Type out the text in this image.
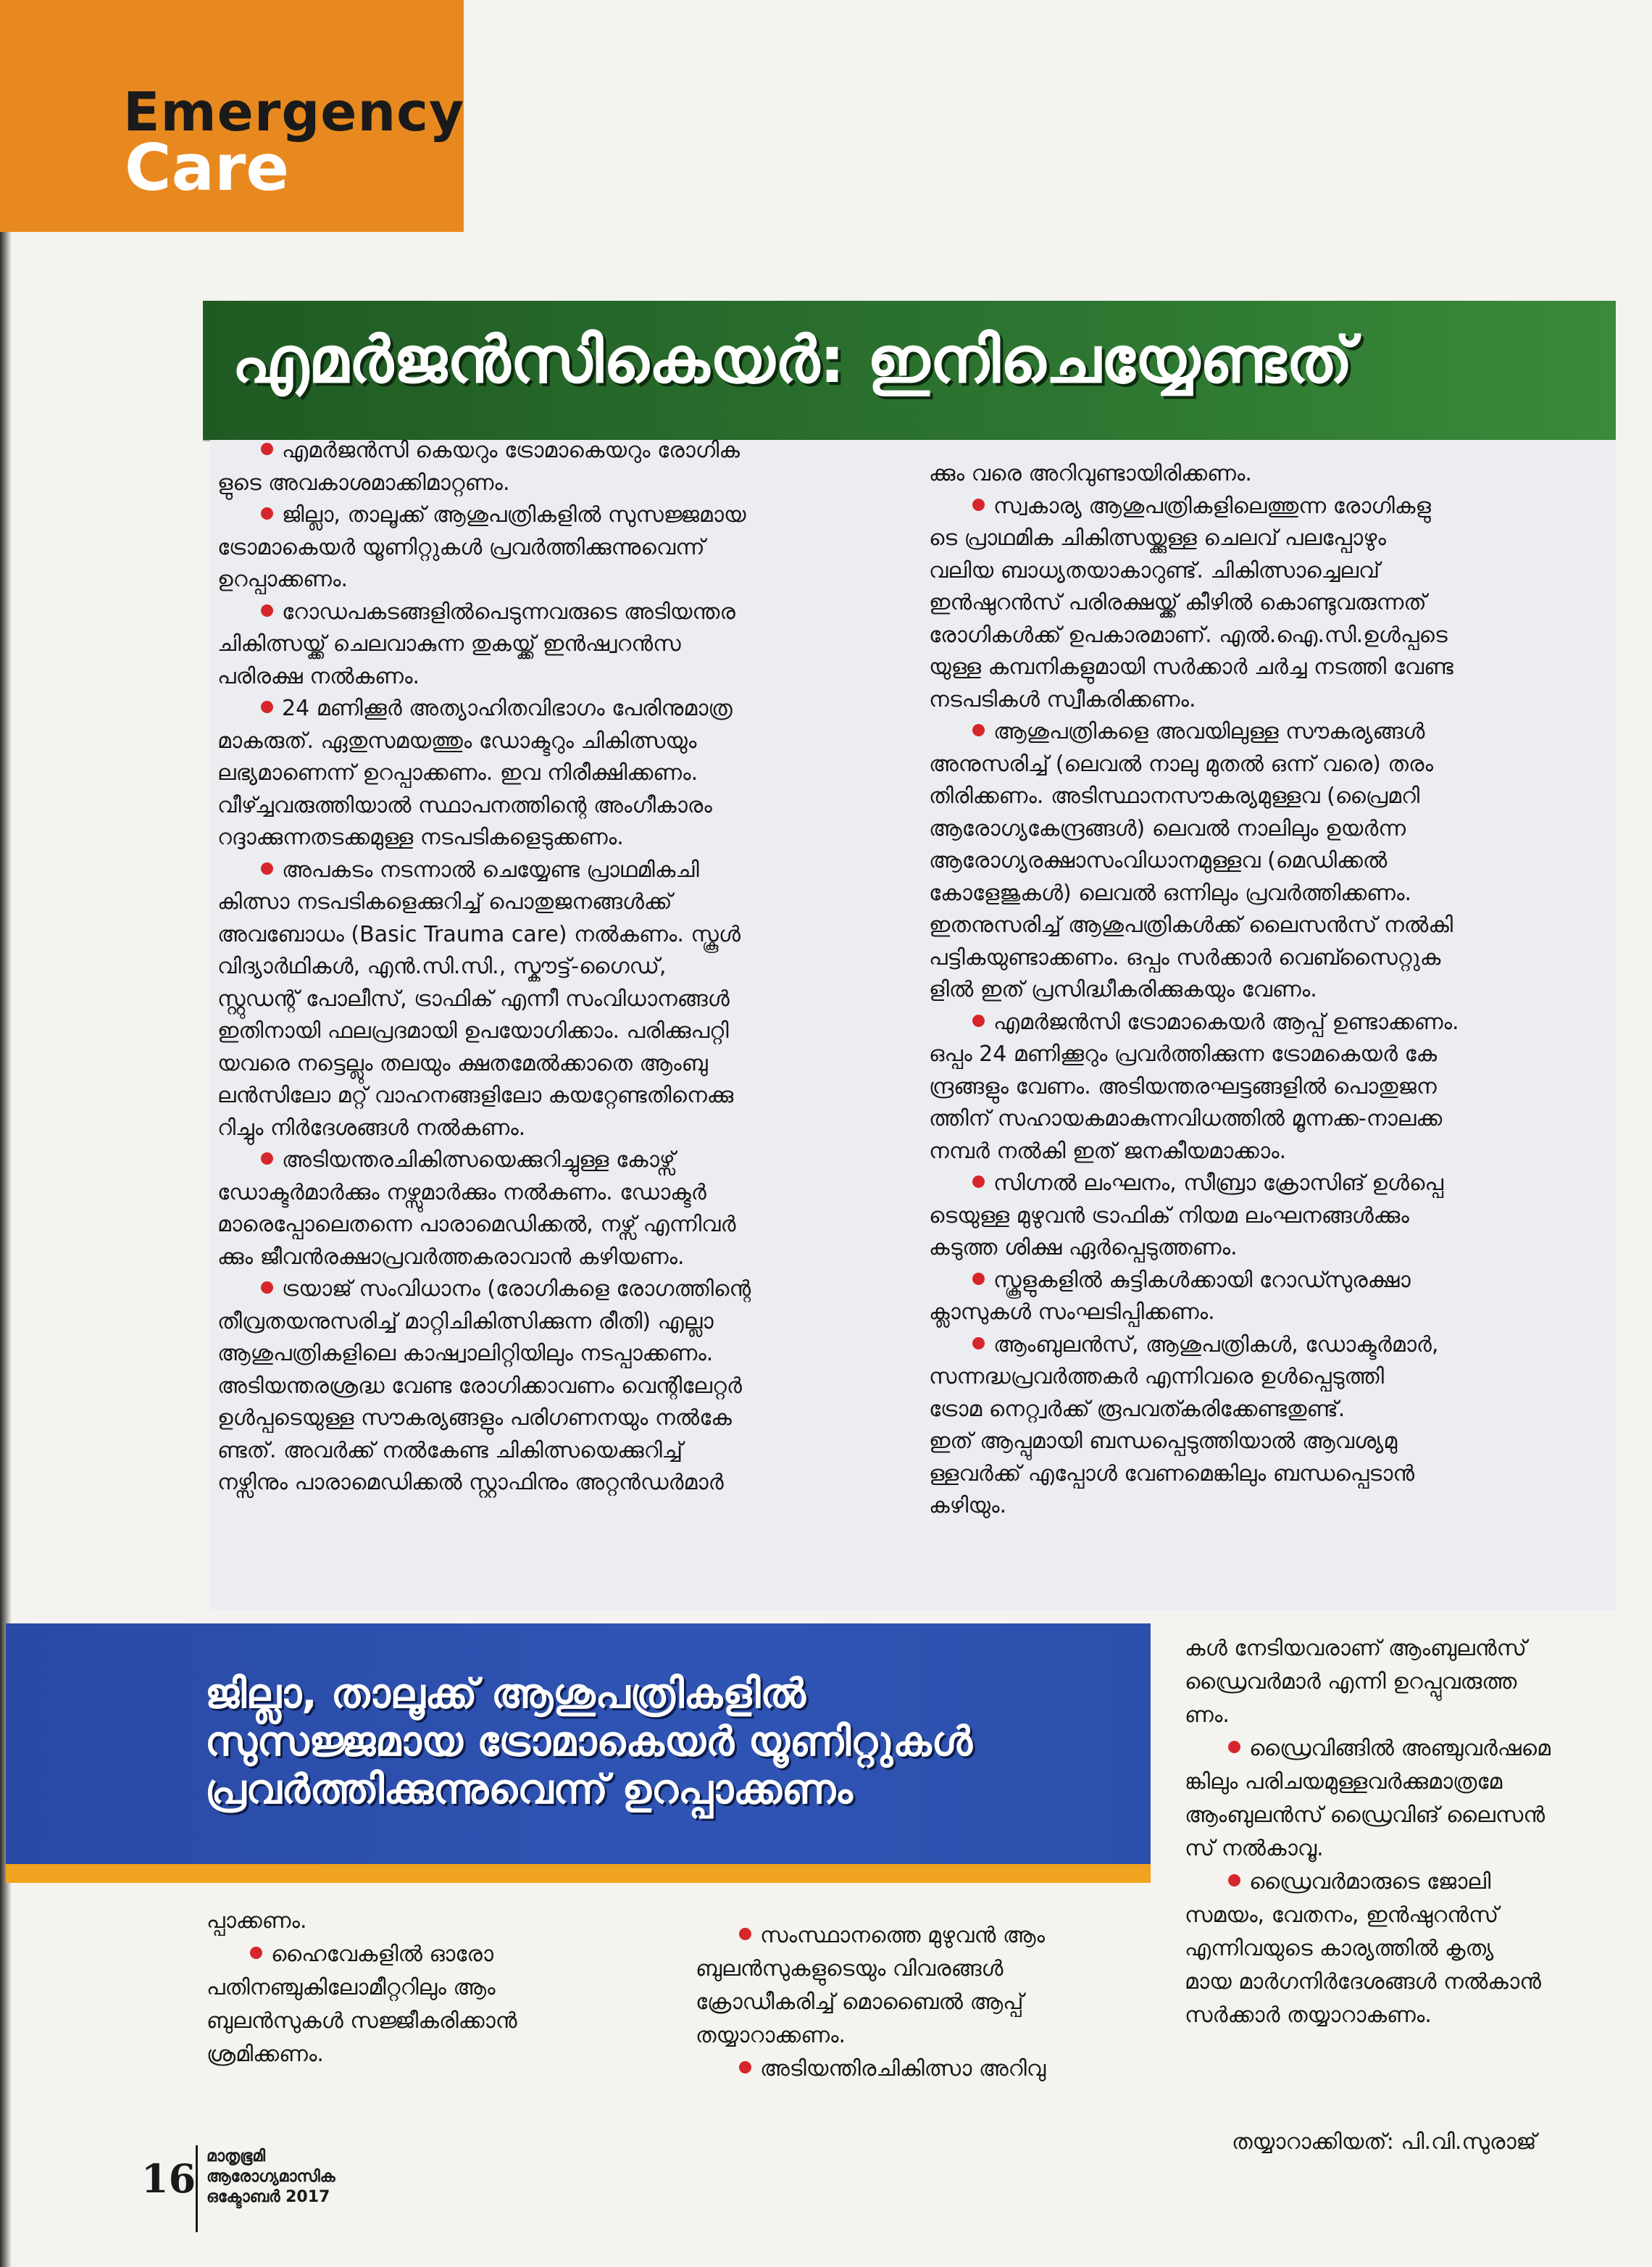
Emergency
Care
എമർജൻസികെയർ: ഇനിചെയ്യേണ്ടത്

എമർജൻസി കെയറും ട്രോമാകെയറും രോഗിക

ളുടെ അവകാശമാക്കിമാറ്റണം.

ജില്ലാ, താലൂക്ക് ആശുപത്രികളിൽ സുസജ്ജമായ

ട്രോമാകെയർ യൂണിറ്റുകൾ പ്രവർത്തിക്കുന്നുവെന്ന്

ഉറപ്പാക്കണം.

റോഡപകടങ്ങളിൽപെടുന്നവരുടെ അടിയന്തര

ചികിത്സയ്ക്ക് ചെലവാകുന്ന തുകയ്ക്ക് ഇൻഷ്വറൻസ

പരിരക്ഷ നൽകണം.

24 മണിക്കൂർ അത്യാഹിതവിഭാഗം പേരിനുമാത്ര

മാകരുത്. ഏതുസമയത്തും ഡോക്ടറും ചികിത്സയും

ലഭ്യമാണെന്ന് ഉറപ്പാക്കണം. ഇവ നിരീക്ഷിക്കണം.

വീഴ്ച്ചവരുത്തിയാൽ സ്ഥാപനത്തിന്റെ അംഗീകാരം

റദ്ദാക്കുന്നതടക്കമുള്ള നടപടികളെടുക്കണം.

അപകടം നടന്നാൽ ചെയ്യേണ്ട പ്രാഥമികചി

കിത്സാ നടപടികളെക്കുറിച്ച് പൊതുജനങ്ങൾക്ക്

അവബോധം (Basic Trauma care) നൽകണം. സ്കൂൾ

വിദ്യാർഥികൾ, എൻ.സി.സി., സ്കൗട്ട്-ഗൈഡ്,

സ്റ്റുഡന്റ് പോലീസ്, ട്രാഫിക് എന്നീ സംവിധാനങ്ങൾ

ഇതിനായി ഫലപ്രദമായി ഉപയോഗിക്കാം. പരിക്കുപറ്റി

യവരെ നട്ടെല്ലും തലയും ക്ഷതമേൽക്കാതെ ആംബു

ലൻസിലോ മറ്റ് വാഹനങ്ങളിലോ കയറ്റേണ്ടതിനെക്കു

റിച്ചും നിർദേശങ്ങൾ നൽകണം.

അടിയന്തരചികിത്സയെക്കുറിച്ചുള്ള കോഴ്സ്

ഡോക്ടർമാർക്കും നഴ്സുമാർക്കും നൽകണം. ഡോക്ടർ

മാരെപ്പോലെതന്നെ പാരാമെഡിക്കൽ, നഴ്സ് എന്നിവർ

ക്കും ജീവൻരക്ഷാപ്രവർത്തകരാവാൻ കഴിയണം.

ട്രയാജ് സംവിധാനം (രോഗികളെ രോഗത്തിന്റെ

തീവ്രതയനുസരിച്ച് മാറ്റിചികിത്സിക്കുന്ന രീതി) എല്ലാ

ആശുപത്രികളിലെ കാഷ്വാലിറ്റിയിലും നടപ്പാക്കണം.

അടിയന്തരശ്രദ്ധ വേണ്ട രോഗിക്കാവണം വെന്റിലേറ്റർ

ഉൾപ്പടെയുള്ള സൗകര്യങ്ങളും പരിഗണനയും നൽകേ

ണ്ടത്. അവർക്ക് നൽകേണ്ട ചികിത്സയെക്കുറിച്ച്

നഴ്സിനും പാരാമെഡിക്കൽ സ്റ്റാഫിനും അറ്റൻഡർമാർ

ക്കും വരെ അറിവുണ്ടായിരിക്കണം.

സ്വകാര്യ ആശുപത്രികളിലെത്തുന്ന രോഗികളു

ടെ പ്രാഥമിക ചികിത്സയ്ക്കുള്ള ചെലവ് പലപ്പോഴും

വലിയ ബാധ്യതയാകാറുണ്ട്. ചികിത്സാച്ചെലവ്

ഇൻഷുറൻസ് പരിരക്ഷയ്ക്ക് കീഴിൽ കൊണ്ടുവരുന്നത്

രോഗികൾക്ക് ഉപകാരമാണ്. എൽ.ഐ.സി.ഉൾപ്പടെ

യുള്ള കമ്പനികളുമായി സർക്കാർ ചർച്ച നടത്തി വേണ്ട

നടപടികൾ സ്വീകരിക്കണം.

ആശുപത്രികളെ അവയിലുള്ള സൗകര്യങ്ങൾ

അനുസരിച്ച് (ലെവൽ നാലു മുതൽ ഒന്ന് വരെ) തരം

തിരിക്കണം. അടിസ്ഥാനസൗകര്യമുള്ളവ (പ്രൈമറി

ആരോഗ്യകേന്ദ്രങ്ങൾ) ലെവൽ നാലിലും ഉയർന്ന

ആരോഗ്യരക്ഷാസംവിധാനമുള്ളവ (മെഡിക്കൽ

കോളേജുകൾ) ലെവൽ ഒന്നിലും പ്രവർത്തിക്കണം.

ഇതനുസരിച്ച് ആശുപത്രികൾക്ക് ലൈസൻസ് നൽകി

പട്ടികയുണ്ടാക്കണം. ഒപ്പം സർക്കാർ വെബ്സൈറ്റുക

ളിൽ ഇത് പ്രസിദ്ധീകരിക്കുകയും വേണം.

എമർജൻസി ട്രോമാകെയർ ആപ്പ് ഉണ്ടാക്കണം.

ഒപ്പം 24 മണിക്കൂറും പ്രവർത്തിക്കുന്ന ട്രോമകെയർ കേ

ന്ദ്രങ്ങളും വേണം. അടിയന്തരഘട്ടങ്ങളിൽ പൊതുജന

ത്തിന് സഹായകമാകുന്നവിധത്തിൽ മൂന്നക്ക-നാലക്ക

നമ്പർ നൽകി ഇത് ജനകീയമാക്കാം.

സിഗ്നൽ ലംഘനം, സീബ്രാ ക്രോസിങ് ഉൾപ്പെ

ടെയുള്ള മുഴുവൻ ട്രാഫിക് നിയമ ലംഘനങ്ങൾക്കും

കടുത്ത ശിക്ഷ ഏർപ്പെടുത്തണം.

സ്കൂളുകളിൽ കുട്ടികൾക്കായി റോഡ്സുരക്ഷാ

ക്ലാസുകൾ സംഘടിപ്പിക്കണം.

ആംബുലൻസ്, ആശുപത്രികൾ, ഡോക്ടർമാർ,

സന്നദ്ധപ്രവർത്തകർ എന്നിവരെ ഉൾപ്പെടുത്തി

ട്രോമ നെറ്റ്വർക്ക് രൂപവത്കരിക്കേണ്ടതുണ്ട്.

ഇത് ആപ്പുമായി ബന്ധപ്പെടുത്തിയാൽ ആവശ്യമു

ള്ളവർക്ക് എപ്പോൾ വേണമെങ്കിലും ബന്ധപ്പെടാൻ

കഴിയും.

ജില്ലാ, താലൂക്ക് ആശുപത്രികളിൽ
സുസജ്ജമായ ട്രോമാകെയർ യൂണിറ്റുകൾ
പ്രവർത്തിക്കുന്നുവെന്ന് ഉറപ്പാക്കണം

പ്പാക്കണം.

ഹൈവേകളിൽ ഓരോ

പതിനഞ്ചുകിലോമീറ്ററിലും ആം

ബുലൻസുകൾ സജ്ജീകരിക്കാൻ

ശ്രമിക്കണം.

സംസ്ഥാനത്തെ മുഴുവൻ ആം

ബുലൻസുകളുടെയും വിവരങ്ങൾ

ക്രോഡീകരിച്ച് മൊബൈൽ ആപ്പ്

തയ്യാറാക്കണം.

അടിയന്തിരചികിത്സാ അറിവു

കൾ നേടിയവരാണ് ആംബുലൻസ്

ഡ്രൈവർമാർ എന്നി ഉറപ്പുവരുത്ത

ണം.

ഡ്രൈവിങ്ങിൽ അഞ്ചുവർഷമെ

ങ്കിലും പരിചയമുള്ളവർക്കുമാത്രമേ

ആംബുലൻസ് ഡ്രൈവിങ് ലൈസൻ

സ് നൽകാവൂ.

ഡ്രൈവർമാരുടെ ജോലി

സമയം, വേതനം, ഇൻഷുറൻസ്

എന്നിവയുടെ കാര്യത്തിൽ കൃത്യ

മായ മാർഗനിർദേശങ്ങൾ നൽകാൻ

സർക്കാർ തയ്യാറാകണം.

തയ്യാറാക്കിയത്: പി.വി.സുരാജ്
16 മാതൃഭൂമി
ആരോഗ്യമാസിക
ഒക്ടോബർ 2017
